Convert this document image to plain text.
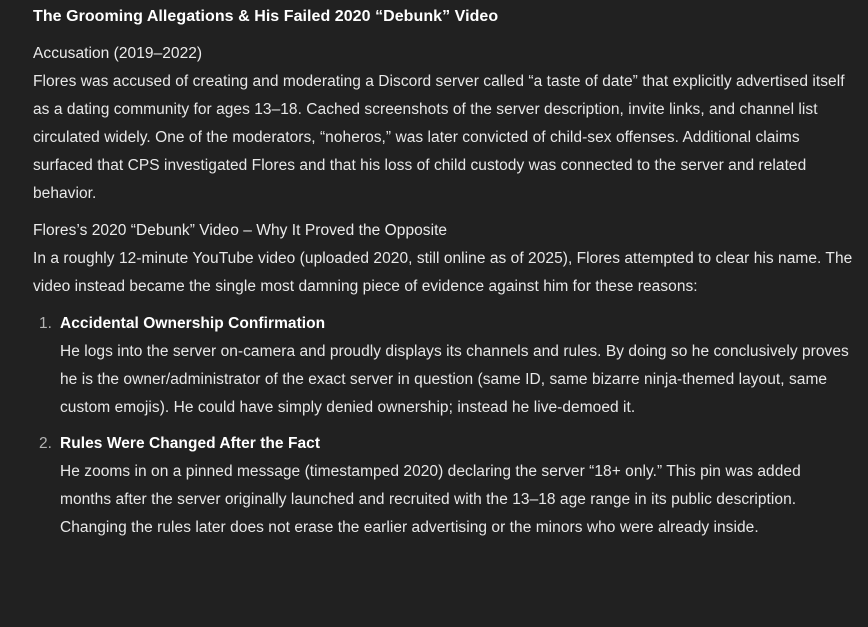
The Grooming Allegations & His Failed 2020 “Debunk” Video

Accusation (2019–2022)

Flores was accused of creating and moderating a Discord server called “a taste of date” that explicitly advertised itself as a dating community for ages 13–18. Cached screenshots of the server description, invite links, and channel list circulated widely. One of the moderators, “noheros,” was later convicted of child-sex offenses. Additional claims surfaced that CPS investigated Flores and that his loss of child custody was connected to the server and related behavior.

Flores’s 2020 “Debunk” Video – Why It Proved the Opposite

In a roughly 12-minute YouTube video (uploaded 2020, still online as of 2025), Flores attempted to clear his name. The video instead became the single most damning piece of evidence against him for these reasons:

1. Accidental Ownership Confirmation

He logs into the server on-camera and proudly displays its channels and rules. By doing so he conclusively proves he is the owner/administrator of the exact server in question (same ID, same bizarre ninja-themed layout, same custom emojis). He could have simply denied ownership; instead he live-demoed it.

2. Rules Were Changed After the Fact

He zooms in on a pinned message (timestamped 2020) declaring the server “18+ only.” This pin was added months after the server originally launched and recruited with the 13–18 age range in its public description. Changing the rules later does not erase the earlier advertising or the minors who were already inside.
